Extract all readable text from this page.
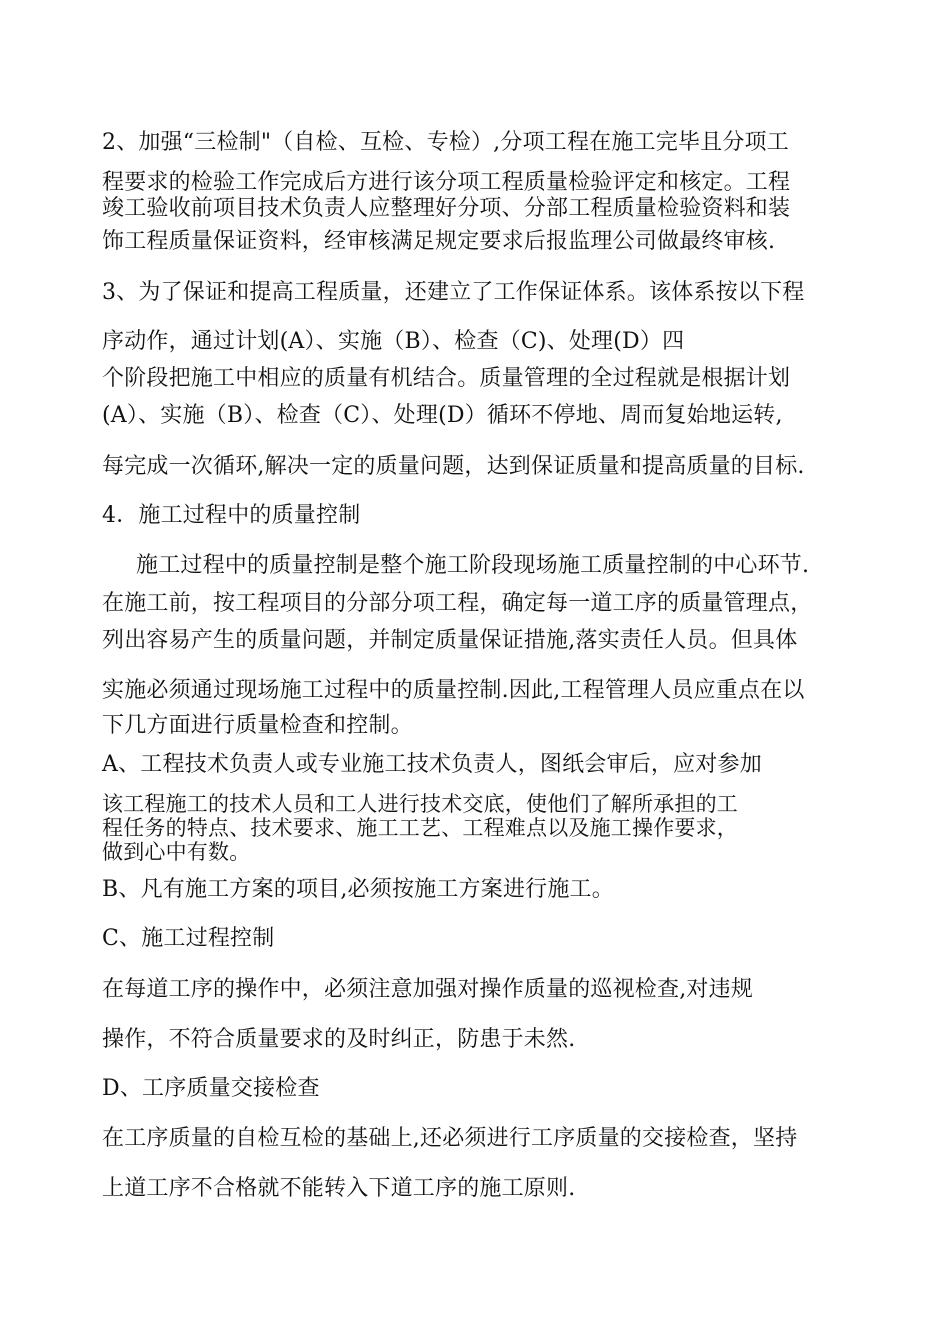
2、加强“三检制"（自检、互检、专检）,分项工程在施工完毕且分项工
程要求的检验工作完成后方进行该分项工程质量检验评定和核定。工程
竣工验收前项目技术负责人应整理好分项、分部工程质量检验资料和装
饰工程质量保证资料，经审核满足规定要求后报监理公司做最终审核.
3、为了保证和提高工程质量，还建立了工作保证体系。该体系按以下程
序动作，通过计划(A）、实施（B）、检查（C)、处理(D）四
个阶段把施工中相应的质量有机结合。质量管理的全过程就是根据计划
(A）、实施（B）、检查（C）、处理(D）循环不停地、周而复始地运转,
每完成一次循环,解决一定的质量问题，达到保证质量和提高质量的目标.
4．施工过程中的质量控制
施工过程中的质量控制是整个施工阶段现场施工质量控制的中心环节.
在施工前，按工程项目的分部分项工程，确定每一道工序的质量管理点，
列出容易产生的质量问题，并制定质量保证措施,落实责任人员。但具体
实施必须通过现场施工过程中的质量控制.因此,工程管理人员应重点在以
下几方面进行质量检查和控制。
A、工程技术负责人或专业施工技术负责人，图纸会审后，应对参加
该工程施工的技术人员和工人进行技术交底，使他们了解所承担的工
程任务的特点、技术要求、施工工艺、工程难点以及施工操作要求，
做到心中有数。
B、凡有施工方案的项目,必须按施工方案进行施工。
C、施工过程控制
在每道工序的操作中，必须注意加强对操作质量的巡视检查,对违规
操作，不符合质量要求的及时纠正，防患于未然.
D、工序质量交接检查
在工序质量的自检互检的基础上,还必须进行工序质量的交接检查，坚持
上道工序不合格就不能转入下道工序的施工原则.
